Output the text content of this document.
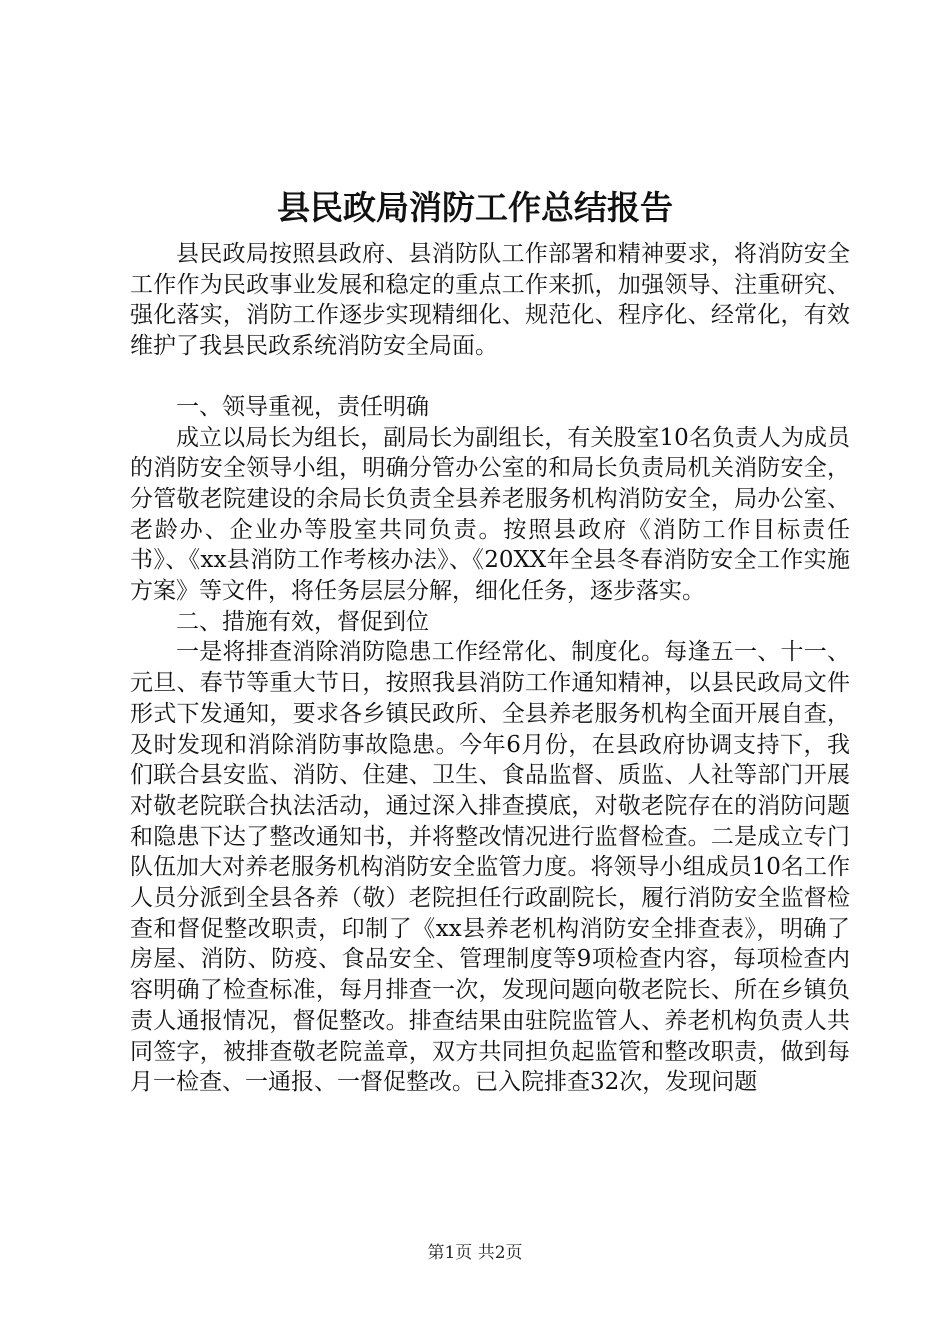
县民政局消防工作总结报告

县民政局按照县政府、县消防队工作部署和精神要求，将消防安全工作作为民政事业发展和稳定的重点工作来抓，加强领导、注重研究、强化落实，消防工作逐步实现精细化、规范化、程序化、经常化，有效维护了我县民政系统消防安全局面。

一、领导重视，责任明确

成立以局长为组长，副局长为副组长，有关股室10名负责人为成员的消防安全领导小组，明确分管办公室的和局长负责局机关消防安全，分管敬老院建设的余局长负责全县养老服务机构消防安全，局办公室、老龄办、企业办等股室共同负责。按照县政府《消防工作目标责任书》、《xx县消防工作考核办法》、《20XX年全县冬春消防安全工作实施方案》等文件，将任务层层分解，细化任务，逐步落实。

二、措施有效，督促到位

一是将排查消除消防隐患工作经常化、制度化。每逢五一、十一、元旦、春节等重大节日，按照我县消防工作通知精神，以县民政局文件形式下发通知，要求各乡镇民政所、全县养老服务机构全面开展自查，及时发现和消除消防事故隐患。今年6月份，在县政府协调支持下，我们联合县安监、消防、住建、卫生、食品监督、质监、人社等部门开展对敬老院联合执法活动，通过深入排查摸底，对敬老院存在的消防问题和隐患下达了整改通知书，并将整改情况进行监督检查。二是成立专门队伍加大对养老服务机构消防安全监管力度。将领导小组成员10名工作人员分派到全县各养（敬）老院担任行政副院长，履行消防安全监督检查和督促整改职责，印制了《xx县养老机构消防安全排查表》，明确了房屋、消防、防疫、食品安全、管理制度等9项检查内容，每项检查内容明确了检查标准，每月排查一次，发现问题向敬老院长、所在乡镇负责人通报情况，督促整改。排查结果由驻院监管人、养老机构负责人共同签字，被排查敬老院盖章，双方共同担负起监管和整改职责，做到每月一检查、一通报、一督促整改。已入院排查32次，发现问题

第1页 共2页
